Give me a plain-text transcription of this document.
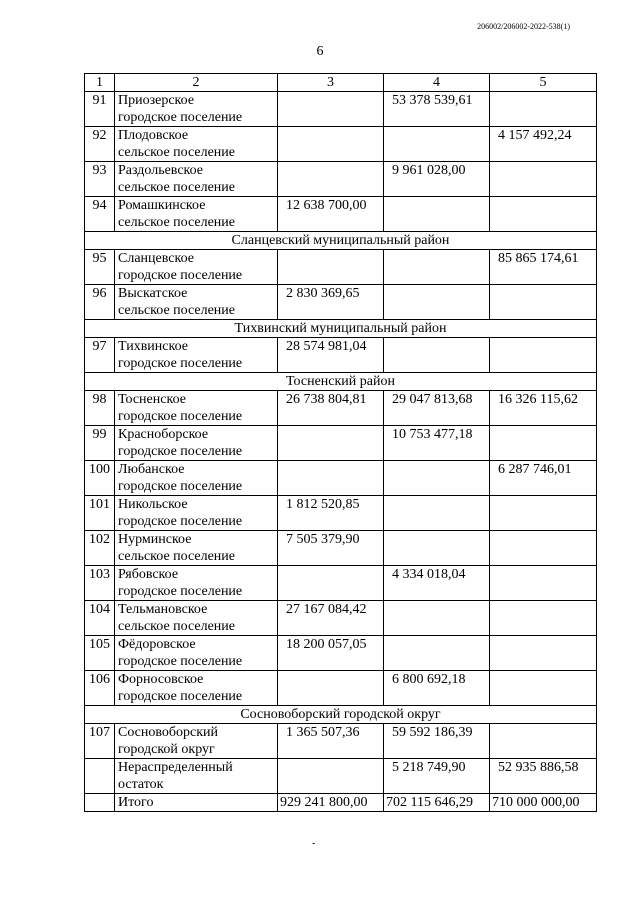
206002/206002-2022-538(1)
6
1	2	3	4	5
91	Приозерское
городское поселение		53 378 539,61	
92	Плодовское
сельское поселение			4 157 492,24
93	Раздольевское
сельское поселение		9 961 028,00	
94	Ромашкинское
сельское поселение	12 638 700,00		
Сланцевский муниципальный район				
95	Сланцевское
городское поселение			85 865 174,61
96	Выскатское
сельское поселение	2 830 369,65		
Тихвинский муниципальный район				
97	Тихвинское
городское поселение	28 574 981,04		
Тосненский район				
98	Тосненское
городское поселение	26 738 804,81	29 047 813,68	16 326 115,62
99	Красноборское
городское поселение		10 753 477,18	
100	Любанское
городское поселение			6 287 746,01
101	Никольское
городское поселение	1 812 520,85		
102	Нурминское
сельское поселение	7 505 379,90		
103	Рябовское
городское поселение		4 334 018,04	
104	Тельмановское
сельское поселение	27 167 084,42		
105	Фёдоровское
городское поселение	18 200 057,05		
106	Форносовское
городское поселение		6 800 692,18	
Сосновоборский городской округ				
107	Сосновоборский
городской округ	1 365 507,36	59 592 186,39	

	Нераспределенный
остаток		5 218 749,90	52 935 886,58

	Итого	929 241 800,00	702 115 646,29	710 000 000,00
-
